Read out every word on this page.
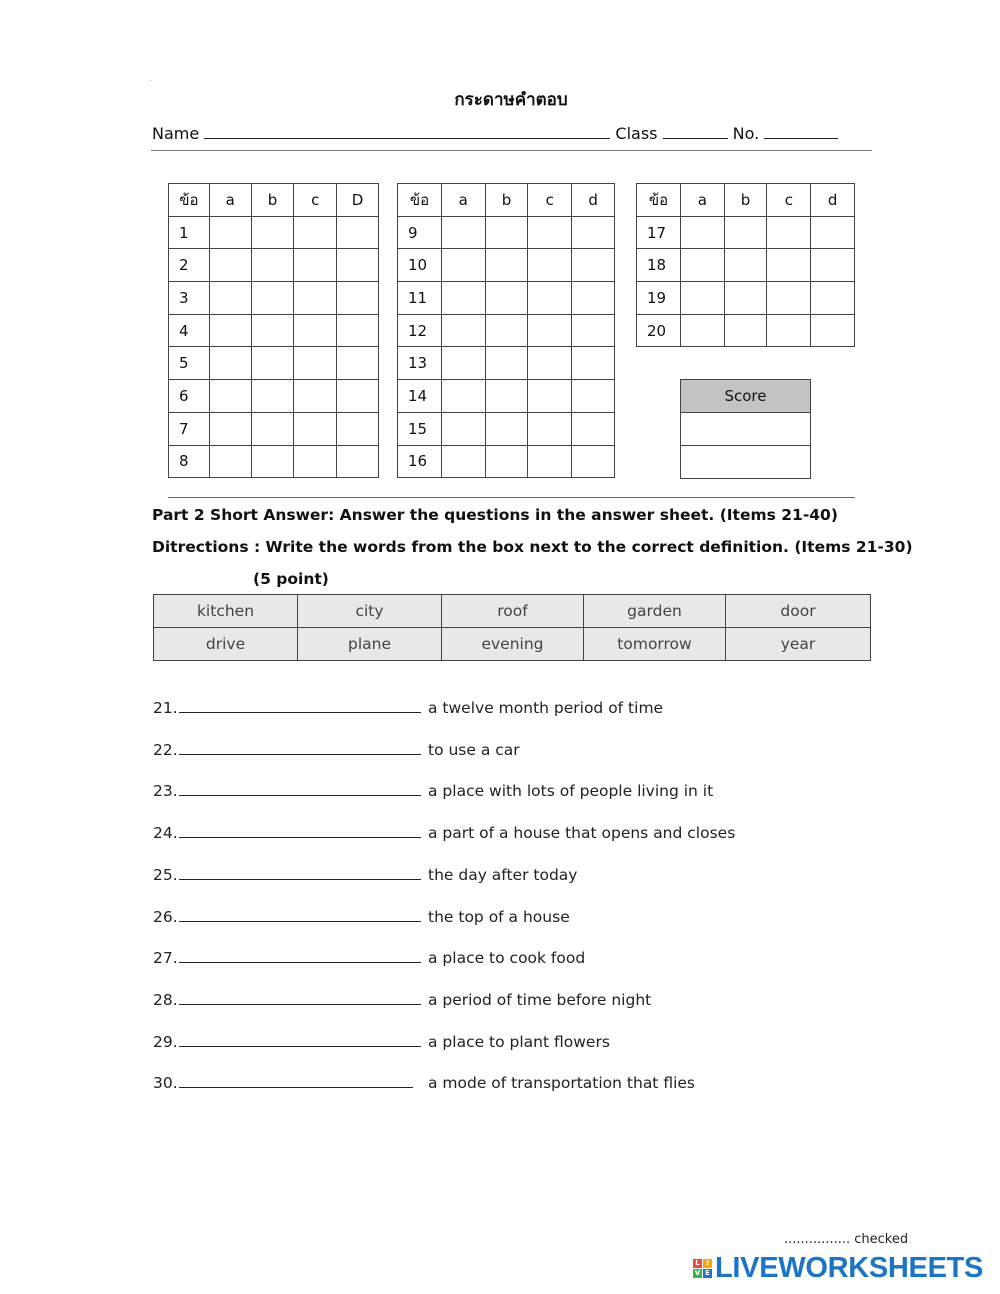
.
กระดาษคำตอบ
Name	Class	No.
ข้อ	a	b	c	D
1				
2				
3				
4				
5				
6				
7				
8				
ข้อ	a	b	c	d
9				
10				
11				
12				
13				
14				
15				
16				
ข้อ	a	b	c	d
17				
18				
19				
20				
Score

Part 2 Short Answer: Answer the questions in the answer sheet. (Items 21-40)
Ditrections : Write the words from the box next to the correct definition. (Items 21-30)
(5 point)
kitchen	city	roof	garden	door
drive	plane	evening	tomorrow	year
21.	a twelve month period of time
22.	to use a car
23.	a place with lots of people living in it
24.	a part of a house that opens and closes
25.	the day after today
26.	the top of a house
27.	a place to cook food
28.	a period of time before night
29.	a place to plant flowers
30.	a mode of transportation that flies
................ checked
L I
V E LIVEWORKSHEETS
